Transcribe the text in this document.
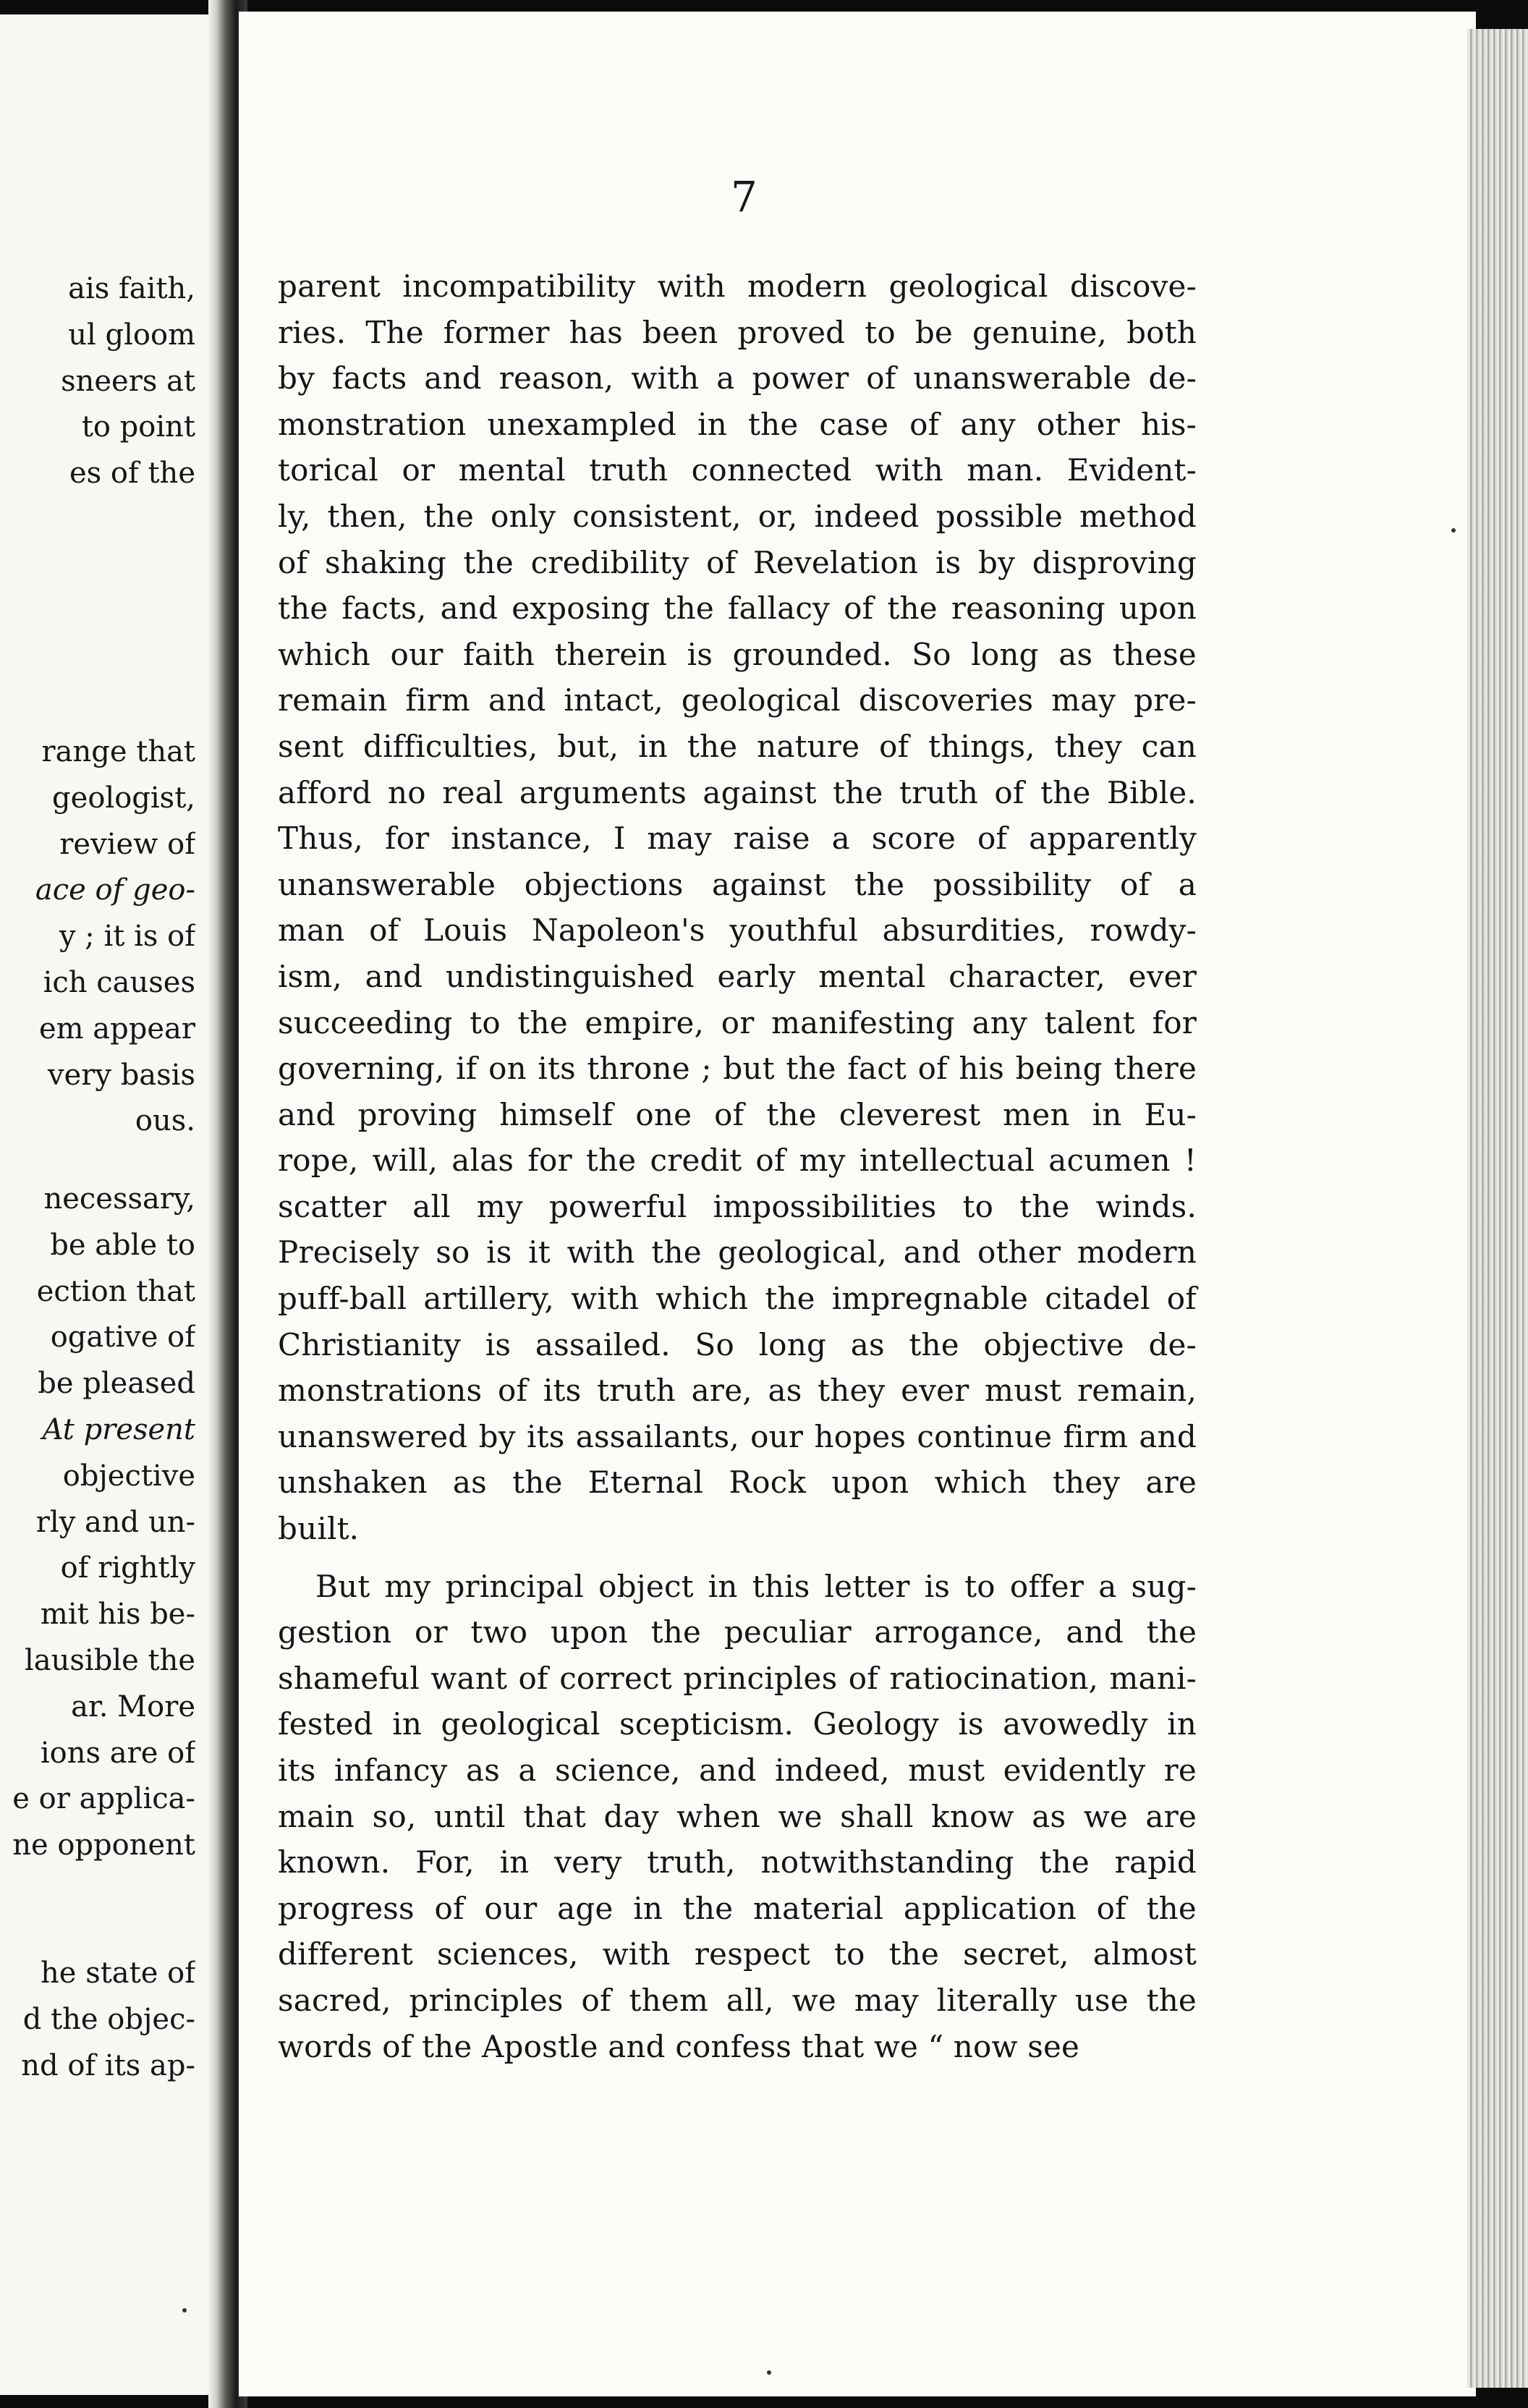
ais faith,
ul gloom
sneers at
to point
es of the
range that
geologist,
review of
ace of geo-
y ; it is of
ich causes
em appear
very basis
ous.
necessary,
be able to
ection that
ogative of
be pleased
At present
objective
rly and un-
of rightly
mit his be-
lausible the
ar. More
ions are of
e or applica-
ne opponent
he state of
d the objec-
nd of its ap-
7
parent incompatibility with modern geological discove-
ries. The former has been proved to be genuine, both
by facts and reason, with a power of unanswerable de-
monstration unexampled in the case of any other his-
torical or mental truth connected with man. Evident-
ly, then, the only consistent, or, indeed possible method
of shaking the credibility of Revelation is by disproving
the facts, and exposing the fallacy of the reasoning upon
which our faith therein is grounded. So long as these
remain firm and intact, geological discoveries may pre-
sent difficulties, but, in the nature of things, they can
afford no real arguments against the truth of the Bible.
Thus, for instance, I may raise a score of apparently
unanswerable objections against the possibility of a
man of Louis Napoleon's youthful absurdities, rowdy-
ism, and undistinguished early mental character, ever
succeeding to the empire, or manifesting any talent for
governing, if on its throne ; but the fact of his being there
and proving himself one of the cleverest men in Eu-
rope, will, alas for the credit of my intellectual acumen !
scatter all my powerful impossibilities to the winds.
Precisely so is it with the geological, and other modern
puff-ball artillery, with which the impregnable citadel of
Christianity is assailed. So long as the objective de-
monstrations of its truth are, as they ever must remain,
unanswered by its assailants, our hopes continue firm and
unshaken as the Eternal Rock upon which they are
built.
But my principal object in this letter is to offer a sug-
gestion or two upon the peculiar arrogance, and the
shameful want of correct principles of ratiocination, mani-
fested in geological scepticism. Geology is avowedly in
its infancy as a science, and indeed, must evidently re
main so, until that day when we shall know as we are
known. For, in very truth, notwithstanding the rapid
progress of our age in the material application of the
different sciences, with respect to the secret, almost
sacred, principles of them all, we may literally use the
words of the Apostle and confess that we “ now see
